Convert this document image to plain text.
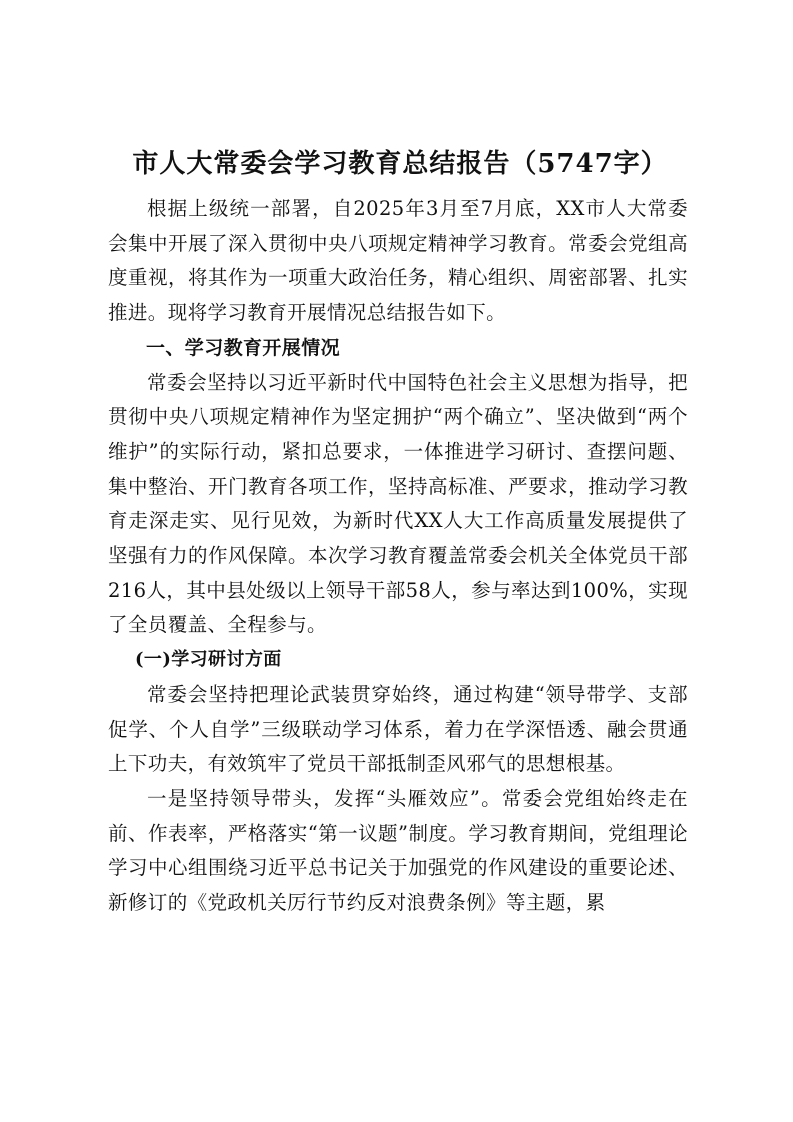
市人大常委会学习教育总结报告（5747字）

根据上级统一部署，自2025年3月至7月底，XX市人大常委会集中开展了深入贯彻中央八项规定精神学习教育。常委会党组高度重视，将其作为一项重大政治任务，精心组织、周密部署、扎实推进。现将学习教育开展情况总结报告如下。

一、学习教育开展情况

常委会坚持以习近平新时代中国特色社会主义思想为指导，把贯彻中央八项规定精神作为坚定拥护“两个确立”、坚决做到“两个维护”的实际行动，紧扣总要求，一体推进学习研讨、查摆问题、集中整治、开门教育各项工作，坚持高标准、严要求，推动学习教育走深走实、见行见效，为新时代XX人大工作高质量发展提供了坚强有力的作风保障。本次学习教育覆盖常委会机关全体党员干部216人，其中县处级以上领导干部58人，参与率达到100%，实现了全员覆盖、全程参与。

(一)学习研讨方面

常委会坚持把理论武装贯穿始终，通过构建“领导带学、支部促学、个人自学”三级联动学习体系，着力在学深悟透、融会贯通上下功夫，有效筑牢了党员干部抵制歪风邪气的思想根基。

一是坚持领导带头，发挥“头雁效应”。常委会党组始终走在前、作表率，严格落实“第一议题”制度。学习教育期间，党组理论学习中心组围绕习近平总书记关于加强党的作风建设的重要论述、新修订的《党政机关厉行节约反对浪费条例》等主题，累
